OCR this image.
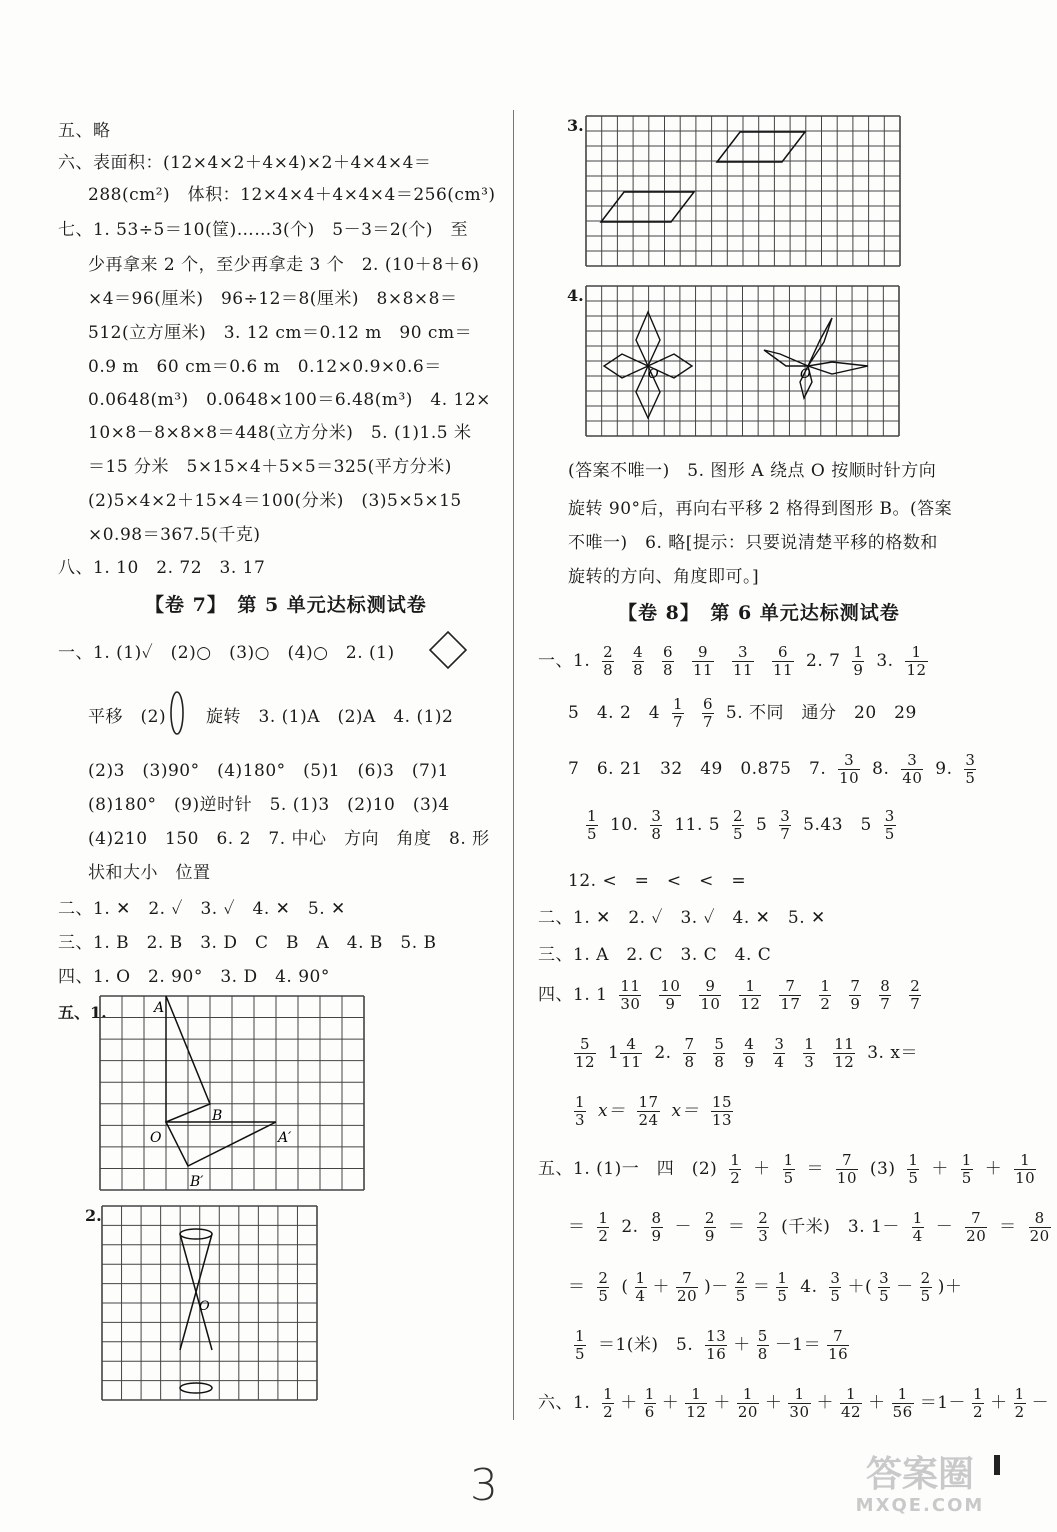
五、略
六、表面积：(12×4×2＋4×4)×2＋4×4×4＝
288(cm²)　体积：12×4×4＋4×4×4＝256(cm³)
七、1. 53÷5＝10(筐)……3(个)　5－3＝2(个)　至
少再拿来 2 个，至少再拿走 3 个　2. (10＋8＋6)
×4＝96(厘米)　96÷12＝8(厘米)　8×8×8＝
512(立方厘米)　3. 12 cm＝0.12 m　90 cm＝
0.9 m　60 cm＝0.6 m　0.12×0.9×0.6＝
0.0648(m³)　0.0648×100＝6.48(m³)　4. 12×
10×8－8×8×8＝448(立方分米)　5. (1)1.5 米
＝15 分米　5×15×4＋5×5＝325(平方分米)
(2)5×4×2＋15×4＝100(分米)　(3)5×5×15
×0.98＝367.5(千克)
八、1. 10　2. 72　3. 17
【卷 7】　第 5 单元达标测试卷
一、1. (1)✓　(2)○　(3)○　(4)○　2. (1)
平移　(2) 旋转　3. (1)A　(2)A　4. (1)2
(2)3　(3)90°　(4)180°　(5)1　(6)3　(7)1
(8)180°　(9)逆时针　5. (1)3　(2)10　(3)4
(4)210　150　6. 2　7. 中心　方向　角度　8. 形
状和大小　位置
二、1. ✕　2. ✓　3. ✓　4. ✕　5. ✕
三、1. B　2. B　3. D　C　B　A　4. B　5. B
四、1. O　2. 90°　3. D　4. 90°
五、1.	A
B
O	A′
B′
2.
O
3.
4.
O	O
(答案不唯一)　5. 图形 A 绕点 O 按顺时针方向
旋转 90°后，再向右平移 2 格得到图形 B。(答案
不唯一)　6. 略[提示：只要说清楚平移的格数和
旋转的方向、角度即可。]
【卷 8】　第 6 单元达标测试卷
一、1. $\frac{2}{8}$
$\frac{4}{8}$
$\frac{6}{8}$
$\frac{9}{11}$
$\frac{3}{11}$
$\frac{6}{11} 2$. $7 \frac{1}{9} 3$. $\frac{1}{12}$
5　4. 2　$4 \frac{1}{7}$
$\frac{6}{7} 5$. 不同　通分　20　29
7　6. 21　32　49　0.875　7. $\frac{3}{10} 8$. $\frac{3}{40} 9$. $\frac{3}{5}$
$\frac{1}{5} 10$. $\frac{3}{8} 11$. $5 \frac{2}{5} 5 \frac{3}{7} 5.43$　$5 \frac{3}{5}$
12. <　=　<　<　=
二、1. ✕　2. ✓　3. ✓　4. ✕　5. ✕
三、1. A　2. C　3. C　4. C
四、1. $1 \frac{11}{30}$
$\frac{10}{9}$
$\frac{9}{10}$
$\frac{1}{12}$
$\frac{7}{17}$
$\frac{1}{2}$
$\frac{7}{9}$
$\frac{8}{7}$
$\frac{2}{7}$
$\frac{5}{12} 1 \frac{4}{11} 2$. $\frac{7}{8}$
$\frac{5}{8}$
$\frac{4}{9}$
$\frac{3}{4}$
$\frac{1}{3}$
$\frac{11}{12} 3$. x＝
$\frac{1}{3} x= \frac{17}{24} x= \frac{15}{13}$
五、1. (1)一　四　$(2) \frac{1}{2} + \frac{1}{5} = \frac{7}{10} (3) \frac{1}{5} + \frac{1}{5} + \frac{1}{10}$
＝ $\frac{1}{2} 2$. $\frac{8}{9} - \frac{2}{9} = \frac{2}{3}$ (千米)　3. $1- \frac{1}{4} - \frac{7}{20} = \frac{8}{20}$
＝ $\frac{2}{5}$ ( $\frac{1}{4} + \frac{7}{20}$ )－ $\frac{2}{5} = \frac{1}{5} 4$. $\frac{3}{5}$ ＋( $\frac{3}{5} - \frac{2}{5}$ )＋
$\frac{1}{5} =1$(米)　5. $\frac{13}{16} + \frac{5}{8} -1= \frac{7}{16}$
六、1. $\frac{1}{2} + \frac{1}{6} + \frac{1}{12} + \frac{1}{20} + \frac{1}{30} + \frac{1}{42} + \frac{1}{56} =1- \frac{1}{2} + \frac{1}{2}$ －
3	答案圈
MXQE.COM
